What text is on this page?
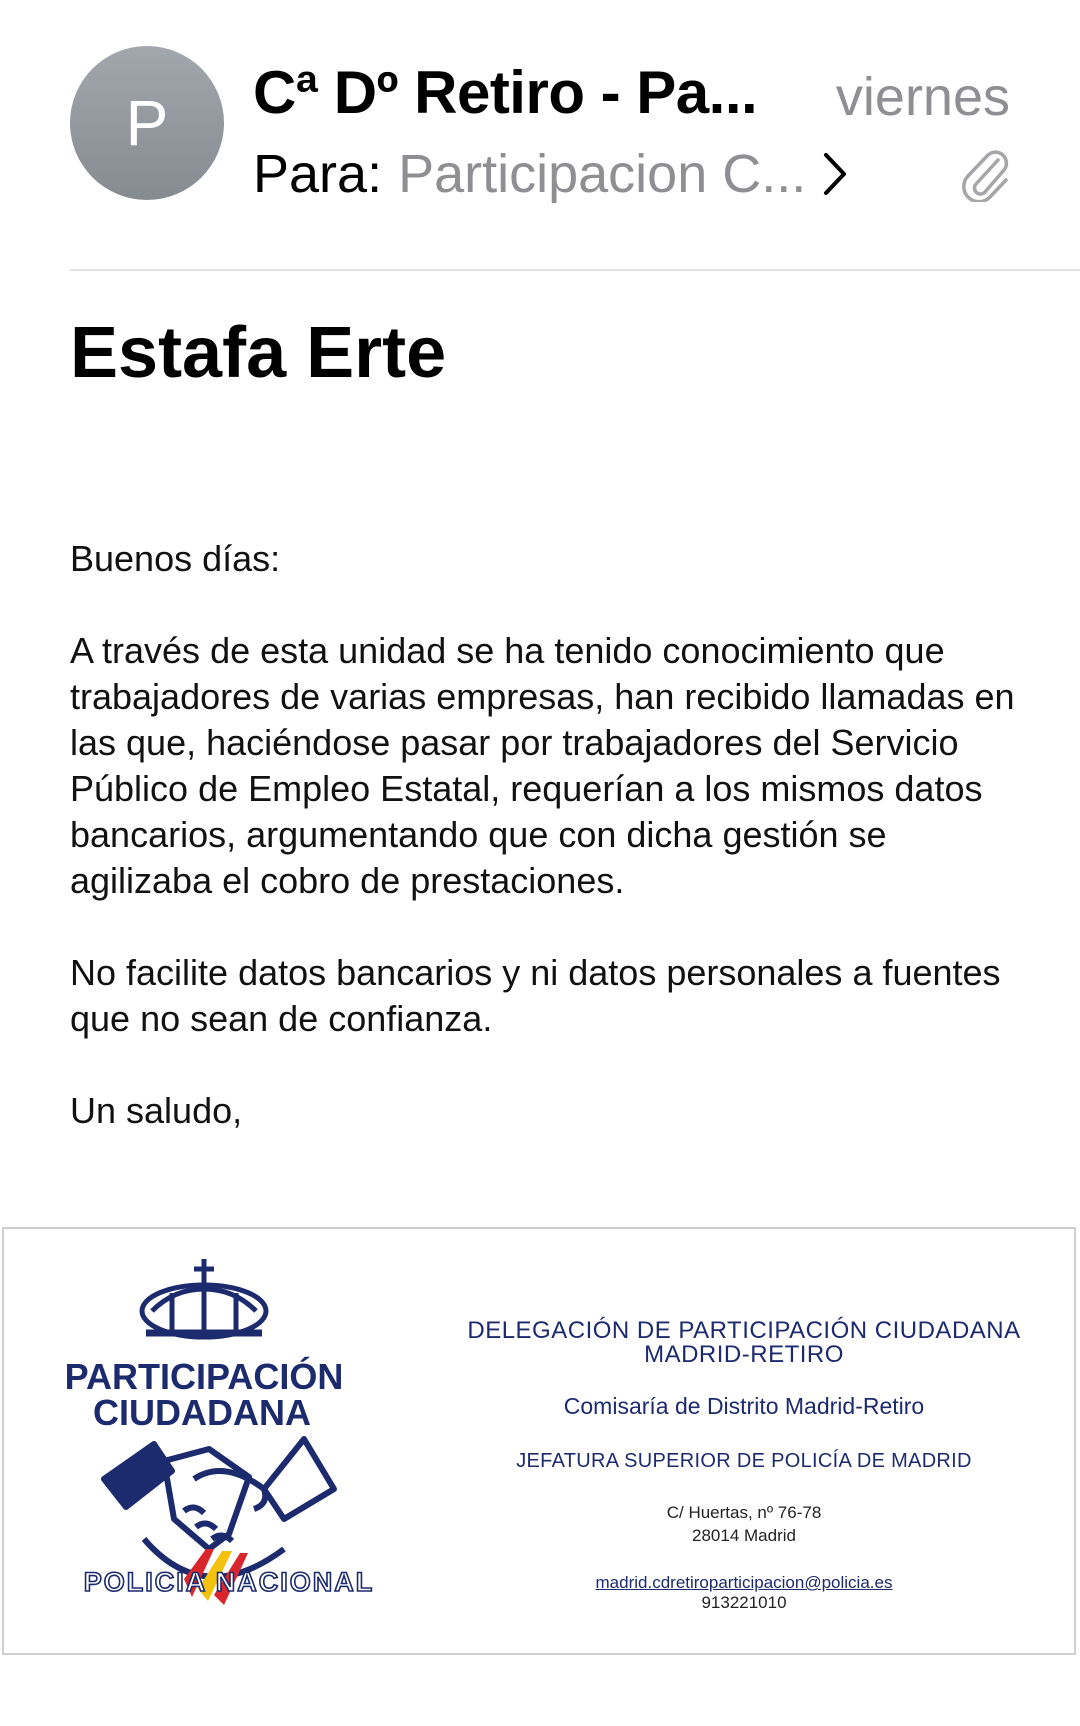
P Cª Dº Retiro - Pa... viernes
Para: Participacion C...
Estafa Erte

Buenos días:

A través de esta unidad se ha tenido conocimiento que trabajadores de varias empresas, han recibido llamadas en las que, haciéndose pasar por trabajadores del Servicio Público de Empleo Estatal, requerían a los mismos datos bancarios, argumentando que con dicha gestión se agilizaba el cobro de prestaciones.

No facilite datos bancarios y ni datos personales a fuentes que no sean de confianza.

Un saludo,

PARTICIPACIÓN
CIUDADANA
POLICIA NACIONAL
DELEGACIÓN DE PARTICIPACIÓN CIUDADANA
MADRID-RETIRO
Comisaría de Distrito Madrid-Retiro
JEFATURA SUPERIOR DE POLICÍA DE MADRID
C/ Huertas, nº 76-78
28014 Madrid
madrid.cdretiroparticipacion@policia.es
913221010
